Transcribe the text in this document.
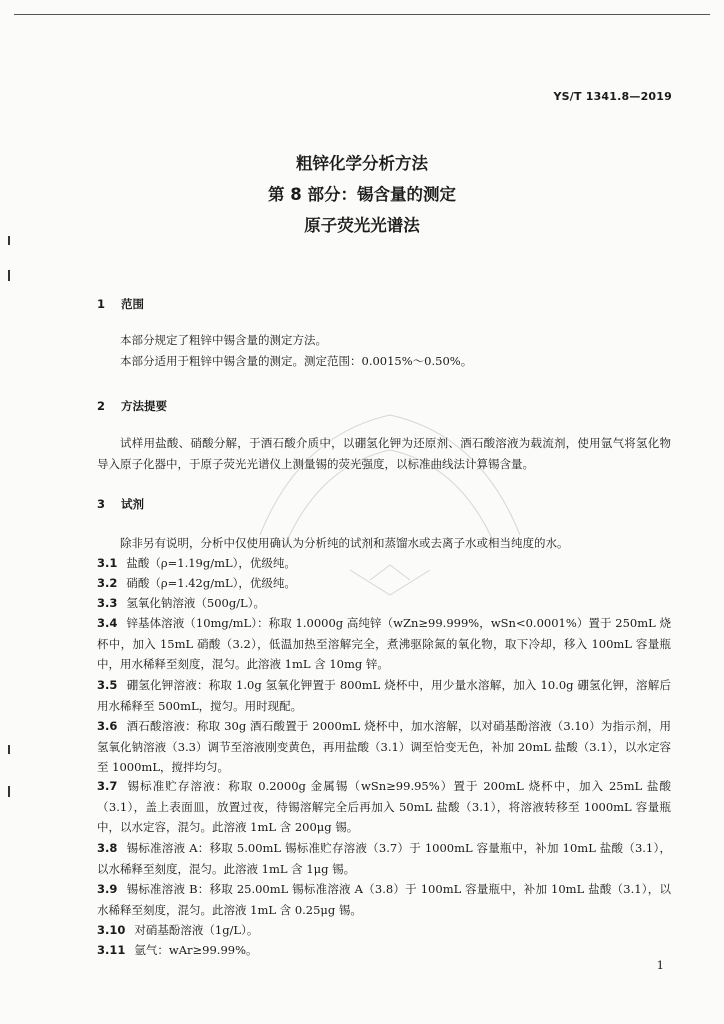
YS/T 1341.8—2019
粗锌化学分析方法
第 8 部分：锡含量的测定
原子荧光光谱法
1 范围
本部分规定了粗锌中锡含量的测定方法。
本部分适用于粗锌中锡含量的测定。测定范围：0.0015%～0.50%。
2 方法提要
试样用盐酸、硝酸分解，于酒石酸介质中，以硼氢化钾为还原剂、酒石酸溶液为载流剂，使用氩气将氢化物导入原子化器中，于原子荧光光谱仪上测量锡的荧光强度，以标准曲线法计算锡含量。
3 试剂
除非另有说明，分析中仅使用确认为分析纯的试剂和蒸馏水或去离子水或相当纯度的水。
3.1 盐酸（ρ=1.19g/mL），优级纯。
3.2 硝酸（ρ=1.42g/mL），优级纯。
3.3 氢氧化钠溶液（500g/L）。
3.4 锌基体溶液（10mg/mL）：称取 1.0000g 高纯锌（wZn≥99.999%，wSn<0.0001%）置于 250mL 烧杯中，加入 15mL 硝酸（3.2），低温加热至溶解完全，煮沸驱除氮的氧化物，取下冷却，移入 100mL 容量瓶中，用水稀释至刻度，混匀。此溶液 1mL 含 10mg 锌。
3.5 硼氢化钾溶液：称取 1.0g 氢氧化钾置于 800mL 烧杯中，用少量水溶解，加入 10.0g 硼氢化钾，溶解后用水稀释至 500mL，搅匀。用时现配。
3.6 酒石酸溶液：称取 30g 酒石酸置于 2000mL 烧杯中，加水溶解，以对硝基酚溶液（3.10）为指示剂，用氢氧化钠溶液（3.3）调节至溶液刚变黄色，再用盐酸（3.1）调至恰变无色，补加 20mL 盐酸（3.1），以水定容至 1000mL，搅拌均匀。
3.7 锡标准贮存溶液：称取 0.2000g 金属锡（wSn≥99.95%）置于 200mL 烧杯中，加入 25mL 盐酸（3.1），盖上表面皿，放置过夜，待锡溶解完全后再加入 50mL 盐酸（3.1），将溶液转移至 1000mL 容量瓶中，以水定容，混匀。此溶液 1mL 含 200μg 锡。
3.8 锡标准溶液 A：移取 5.00mL 锡标准贮存溶液（3.7）于 1000mL 容量瓶中，补加 10mL 盐酸（3.1），以水稀释至刻度，混匀。此溶液 1mL 含 1μg 锡。
3.9 锡标准溶液 B：移取 25.00mL 锡标准溶液 A（3.8）于 100mL 容量瓶中，补加 10mL 盐酸（3.1），以水稀释至刻度，混匀。此溶液 1mL 含 0.25μg 锡。
3.10 对硝基酚溶液（1g/L）。
3.11 氩气：wAr≥99.99%。
1
